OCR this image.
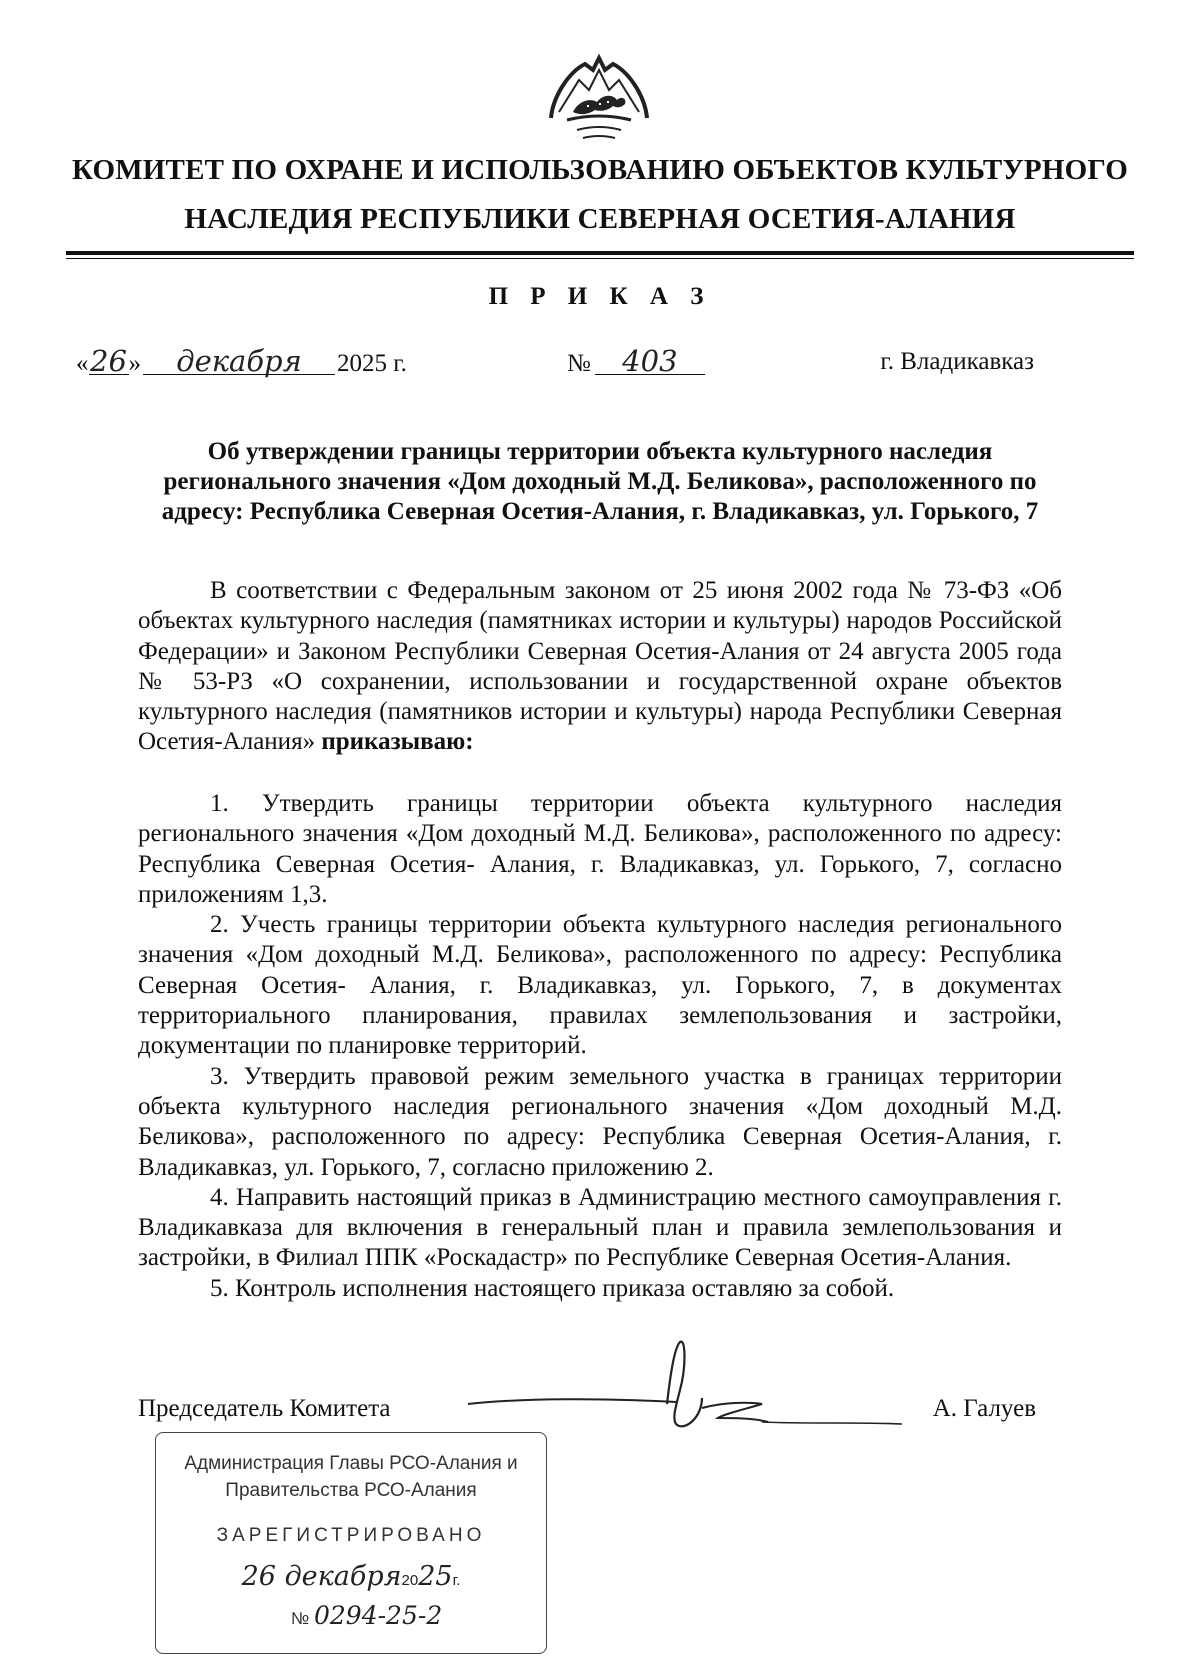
КОМИТЕТ ПО ОХРАНЕ И ИСПОЛЬЗОВАНИЮ ОБЪЕКТОВ КУЛЬТУРНОГО
НАСЛЕДИЯ РЕСПУБЛИКИ СЕВЕРНАЯ ОСЕТИЯ-АЛАНИЯ
П Р И К А З
«26» декабря 2025 г.	№ 403	г. Владикавказ
Об утверждении границы территории объекта культурного наследия регионального значения «Дом доходный М.Д. Беликова», расположенного по адресу: Республика Северная Осетия-Алания, г. Владикавказ, ул. Горького, 7
В соответствии с Федеральным законом от 25 июня 2002 года № 73-ФЗ «Об объектах культурного наследия (памятниках истории и культуры) народов Российской Федерации» и Законом Республики Северная Осетия-Алания от 24 августа 2005 года № 53-РЗ «О сохранении, использовании и государственной охране объектов культурного наследия (памятников истории и культуры) народа Республики Северная Осетия-Алания» приказываю:

1. Утвердить границы территории объекта культурного наследия регионального значения «Дом доходный М.Д. Беликова», расположенного по адресу: Республика Северная Осетия- Алания, г. Владикавказ, ул. Горького, 7, согласно приложениям 1,3.

2. Учесть границы территории объекта культурного наследия регионального значения «Дом доходный М.Д. Беликова», расположенного по адресу: Республика Северная Осетия- Алания, г. Владикавказ, ул. Горького, 7, в документах территориального планирования, правилах землепользования и застройки, документации по планировке территорий.

3. Утвердить правовой режим земельного участка в границах территории объекта культурного наследия регионального значения «Дом доходный М.Д. Беликова», расположенного по адресу: Республика Северная Осетия-Алания, г. Владикавказ, ул. Горького, 7, согласно приложению 2.

4. Направить настоящий приказ в Администрацию местного самоуправления г. Владикавказа для включения в генеральный план и правила землепользования и застройки, в Филиал ППК «Роскадастр» по Республике Северная Осетия-Алания.

5. Контроль исполнения настоящего приказа оставляю за собой.

Председатель Комитета	А. Галуев
Администрация Главы РСО-Алания и
Правительства РСО-Алания
ЗАРЕГИСТРИРОВАНО
26 декабря2025г.
№ 0294-25-2
